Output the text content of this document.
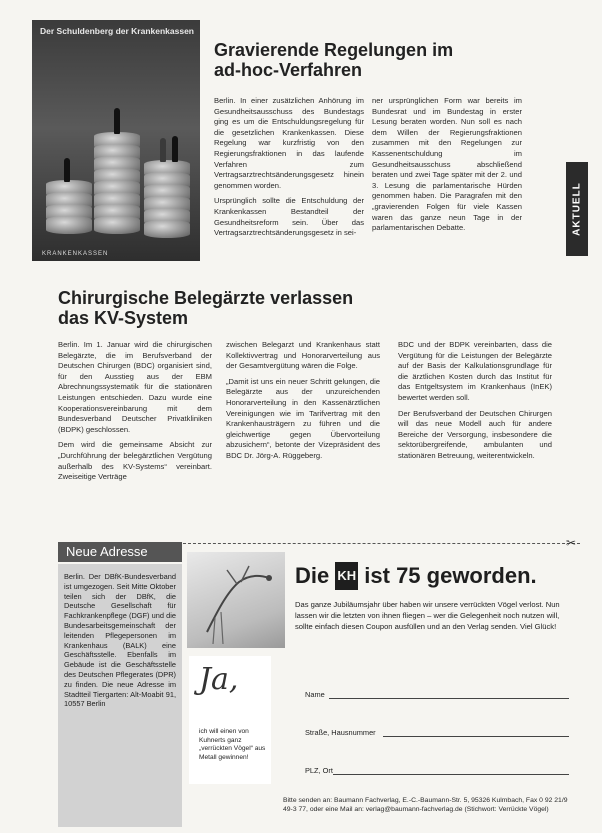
Der Schuldenberg der Krankenkassen
KRANKENKASSEN
Gravierende Regelungen im ad-hoc-Verfahren

Berlin. In einer zusätzlichen Anhörung im Gesundheitsausschuss des Bundestags ging es um die Entschuldungsregelung für die gesetzlichen Krankenkassen. Diese Regelung war kurzfristig von den Regierungsfraktionen in das laufende Verfahren zum Vertragsarztrechtsänderungsgesetz hinein genommen worden.

Ursprünglich sollte die Entschuldung der Krankenkassen Bestandteil der Gesundheitsreform sein. Über das Vertragsarztrechtsänderungsgesetz in sei-

ner ursprünglichen Form war bereits im Bundesrat und im Bundestag in erster Lesung beraten worden. Nun soll es nach dem Willen der Regierungsfraktionen zusammen mit den Regelungen zur Kassenentschuldung im Gesundheitsausschuss abschließend beraten und zwei Tage später mit der 2. und 3. Lesung die parlamentarische Hürden genommen haben. Die Paragrafen mit den „gravierenden Folgen für viele Kassen waren das ganze neun Tage in der parlamentarischen Debatte.	AKTUELL
Chirurgische Belegärzte verlassen das KV-System

Berlin. Im 1. Januar wird die chirurgischen Belegärzte, die im Berufsverband der Deutschen Chirurgen (BDC) organisiert sind, für den Ausstieg aus der EBM Abrechnungssystematik für die stationären Leistungen entschieden. Dazu wurde eine Kooperationsvereinbarung mit dem Bundesverband Deutscher Privatkliniken (BDPK) geschlossen.

Dem wird die gemeinsame Absicht zur „Durchführung der belegärztlichen Vergütung außerhalb des KV-Systems“ vereinbart. Zweiseitige Verträge

zwischen Belegarzt und Krankenhaus statt Kollektivvertrag und Honorarverteilung aus der Gesamtvergütung wären die Folge.

„Damit ist uns ein neuer Schritt gelungen, die Belegärzte aus der unzureichenden Honorarverteilung in den Kassenärztlichen Vereinigungen wie im Tarifvertrag mit den Krankenhausträgern zu führen und die gleichwertige gegen Übervorteilung abzusichern“, betonte der Vizepräsident des BDC Dr. Jörg-A. Rüggeberg.

BDC und der BDPK vereinbarten, dass die Vergütung für die Leistungen der Belegärzte auf der Basis der Kalkulationsgrundlage für die ärztlichen Kosten durch das Institut für das Entgeltsystem im Krankenhaus (InEK) bewertet werden soll.

Der Berufsverband der Deutschen Chirurgen will das neue Modell auch für andere Bereiche der Versorgung, insbesondere die sektorübergreifende, ambulanten und stationären Betreuung, weiterentwickeln.

Neue Adresse
Berlin. Der DBfK-Bundesverband ist umgezogen. Seit Mitte Oktober teilen sich der DBfK, die Deutsche Gesellschaft für Fachkrankenpflege (DGF) und die Bundesarbeitsgemeinschaft der leitenden Pflegepersonen im Krankenhaus (BALK) eine Geschäftsstelle. Ebenfalls im Gebäude ist die Geschäftsstelle des Deutschen Pflegerates (DPR) zu finden. Die neue Adresse im Stadtteil Tiergarten: Alt-Moabit 91, 10557 Berlin
✂
Die KH ist 75 geworden.
Das ganze Jubiläumsjahr über haben wir unsere verrückten Vögel verlost. Nun lassen wir die letzten von ihnen fliegen – wer die Gelegenheit noch nutzen will, sollte einfach diesen Coupon ausfüllen und an den Verlag senden. Viel Glück!
Ja,
ich will einen von Kuhnerts ganz „verrückten Vögel“ aus Metall gewinnen!
Name
Straße, Hausnummer
PLZ, Ort
Bitte senden an: Baumann Fachverlag, E.-C.-Baumann-Str. 5, 95326 Kulmbach, Fax 0 92 21/9 49-3 77, oder eine Mail an: verlag@baumann-fachverlag.de (Stichwort: Verrückte Vögel)
